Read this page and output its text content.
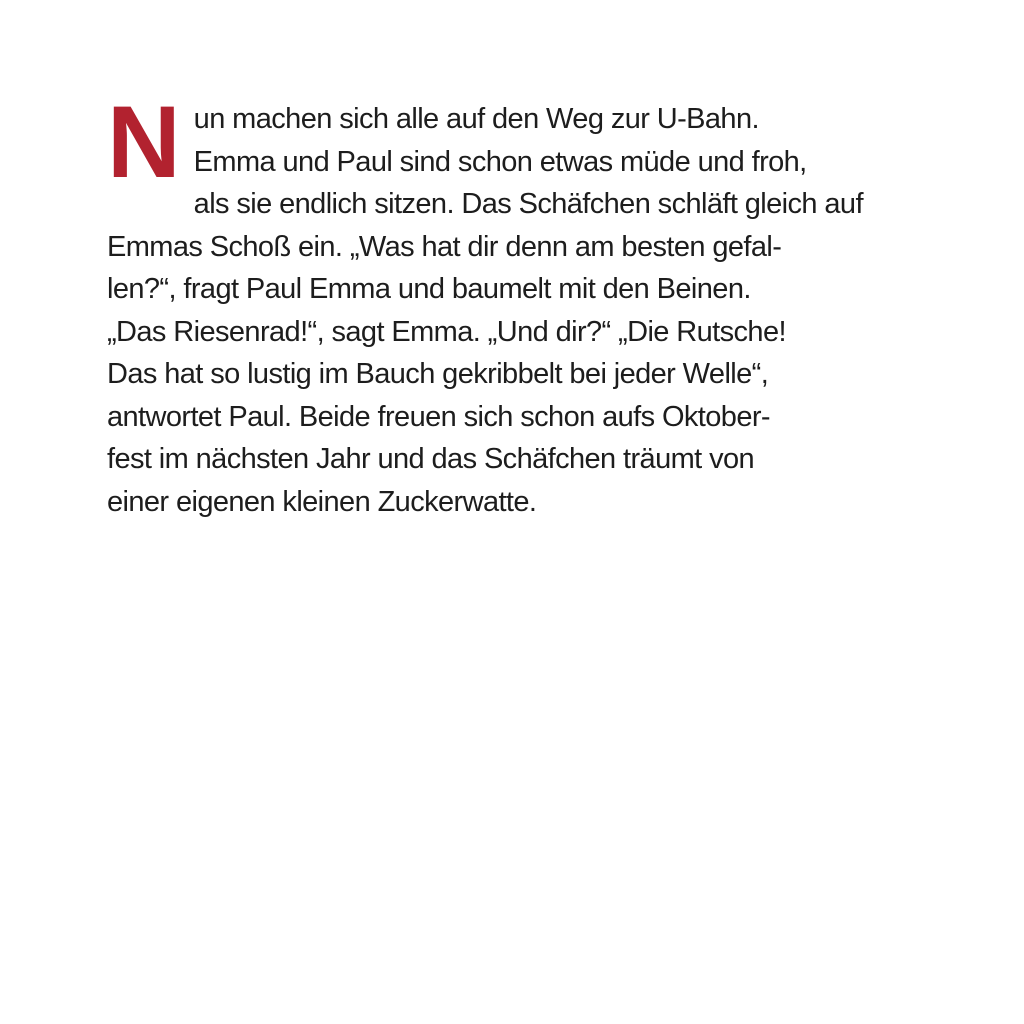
N un machen sich alle auf den Weg zur U-Bahn.
Emma und Paul sind schon etwas müde und froh,
als sie endlich sitzen. Das Schäfchen schläft gleich auf
Emmas Schoß ein. „Was hat dir denn am besten gefal-
len?“, fragt Paul Emma und baumelt mit den Beinen.
„Das Riesenrad!“, sagt Emma. „Und dir?“ „Die Rutsche!
Das hat so lustig im Bauch gekribbelt bei jeder Welle“,
antwortet Paul. Beide freuen sich schon aufs Oktober-
fest im nächsten Jahr und das Schäfchen träumt von
einer eigenen kleinen Zuckerwatte.
